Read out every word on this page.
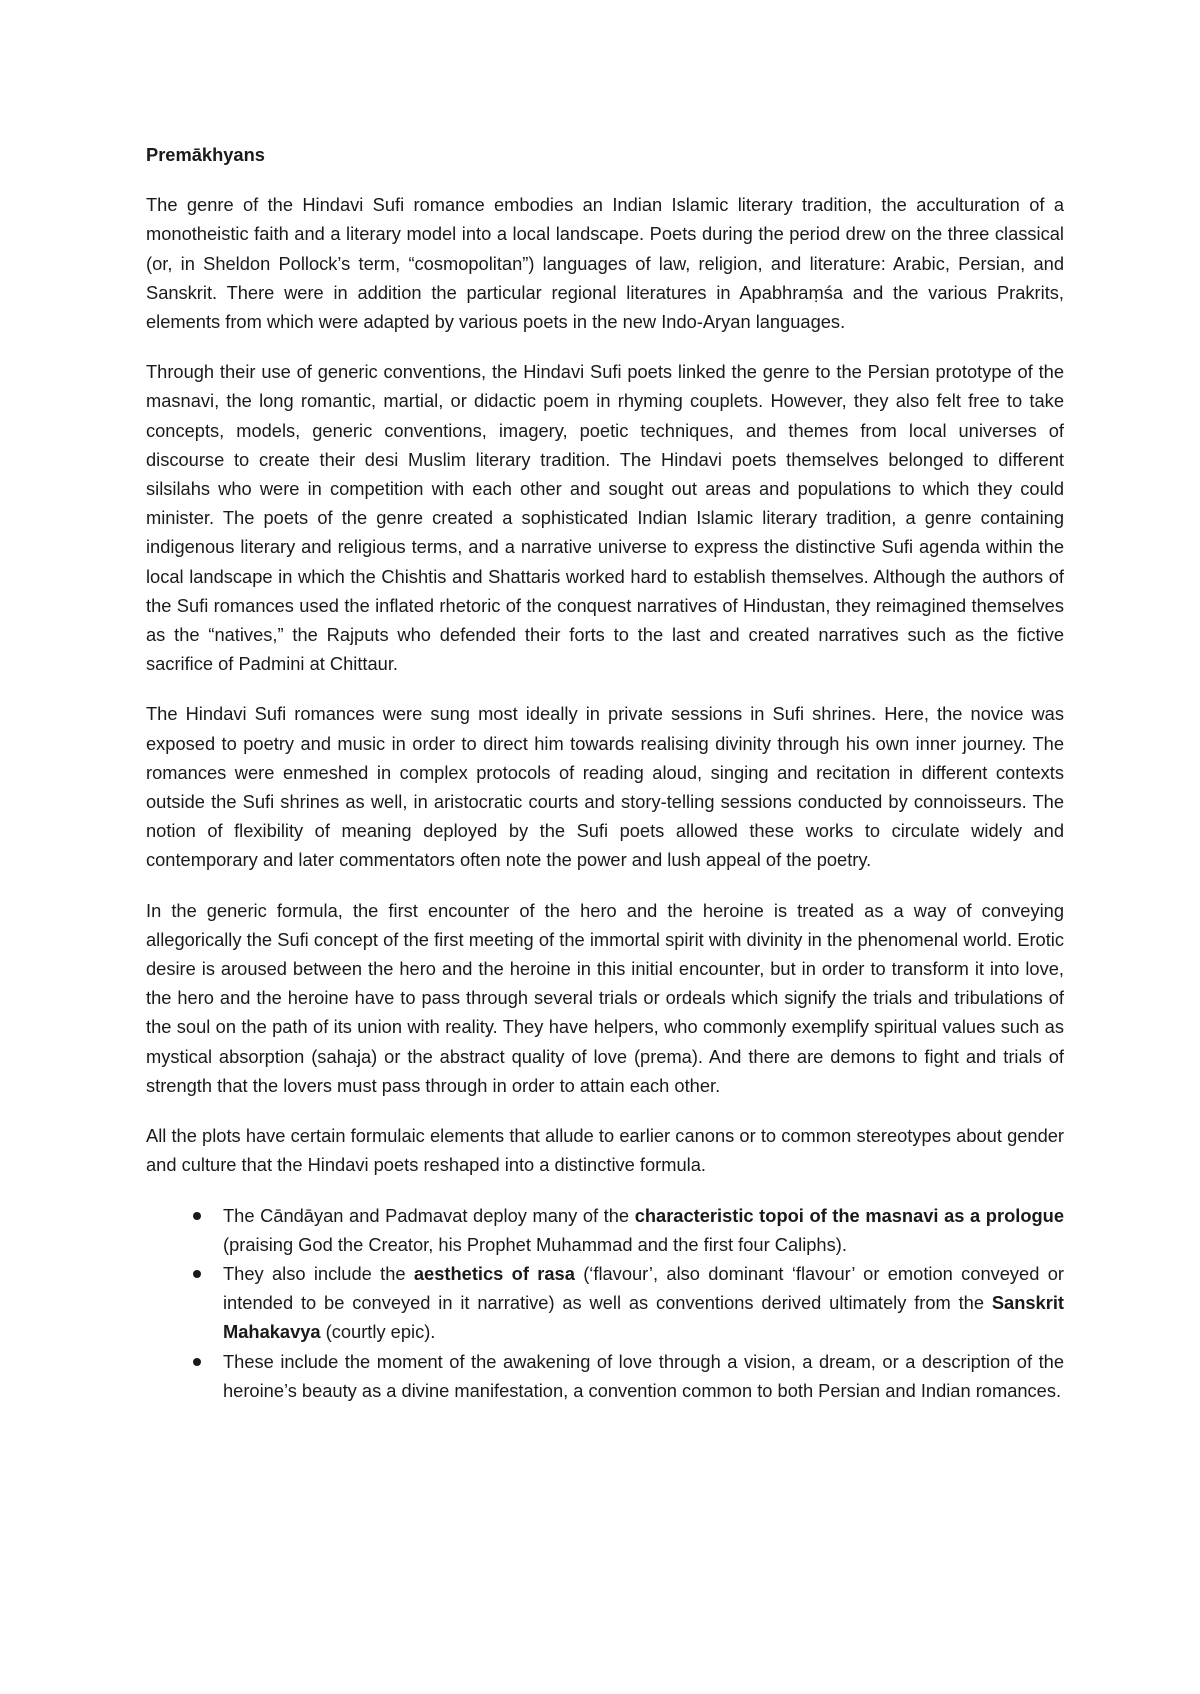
Premākhyans

The genre of the Hindavi Sufi romance embodies an Indian Islamic literary tradition, the acculturation of a monotheistic faith and a literary model into a local landscape. Poets during the period drew on the three classical (or, in Sheldon Pollock’s term, “cosmopolitan”) languages of law, religion, and literature: Arabic, Persian, and Sanskrit. There were in addition the particular regional literatures in Apabhraṃśa and the various Prakrits, elements from which were adapted by various poets in the new Indo-Aryan languages.

Through their use of generic conventions, the Hindavi Sufi poets linked the genre to the Persian prototype of the masnavi, the long romantic, martial, or didactic poem in rhyming couplets. However, they also felt free to take concepts, models, generic conventions, imagery, poetic techniques, and themes from local universes of discourse to create their desi Muslim literary tradition. The Hindavi poets themselves belonged to different silsilahs who were in competition with each other and sought out areas and populations to which they could minister. The poets of the genre created a sophisticated Indian Islamic literary tradition, a genre containing indigenous literary and religious terms, and a narrative universe to express the distinctive Sufi agenda within the local landscape in which the Chishtis and Shattaris worked hard to establish themselves. Although the authors of the Sufi romances used the inflated rhetoric of the conquest narratives of Hindustan, they reimagined themselves as the “natives,” the Rajputs who defended their forts to the last and created narratives such as the fictive sacrifice of Padmini at Chittaur.

The Hindavi Sufi romances were sung most ideally in private sessions in Sufi shrines. Here, the novice was exposed to poetry and music in order to direct him towards realising divinity through his own inner journey. The romances were enmeshed in complex protocols of reading aloud, singing and recitation in different contexts outside the Sufi shrines as well, in aristocratic courts and story-telling sessions conducted by connoisseurs. The notion of flexibility of meaning deployed by the Sufi poets allowed these works to circulate widely and contemporary and later commentators often note the power and lush appeal of the poetry.

In the generic formula, the first encounter of the hero and the heroine is treated as a way of conveying allegorically the Sufi concept of the first meeting of the immortal spirit with divinity in the phenomenal world. Erotic desire is aroused between the hero and the heroine in this initial encounter, but in order to transform it into love, the hero and the heroine have to pass through several trials or ordeals which signify the trials and tribulations of the soul on the path of its union with reality. They have helpers, who commonly exemplify spiritual values such as mystical absorption (sahaja) or the abstract quality of love (prema). And there are demons to fight and trials of strength that the lovers must pass through in order to attain each other.

All the plots have certain formulaic elements that allude to earlier canons or to common stereotypes about gender and culture that the Hindavi poets reshaped into a distinctive formula.

The Cāndāyan and Padmavat deploy many of the characteristic topoi of the masnavi as a prologue (praising God the Creator, his Prophet Muhammad and the first four Caliphs).
They also include the aesthetics of rasa (‘flavour’, also dominant ‘flavour’ or emotion conveyed or intended to be conveyed in it narrative) as well as conventions derived ultimately from the Sanskrit Mahakavya (courtly epic).
These include the moment of the awakening of love through a vision, a dream, or a description of the heroine’s beauty as a divine manifestation, a convention common to both Persian and Indian romances.
